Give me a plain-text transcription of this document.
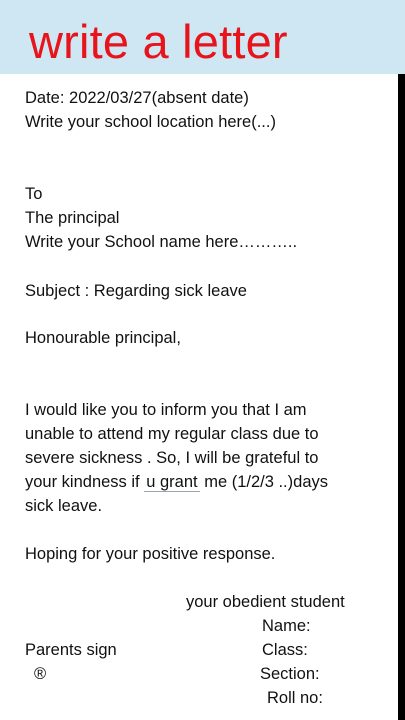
write a letter
Date: 2022/03/27(absent date)
Write your school location here(...)
To
The principal
Write your School name here………..
Subject : Regarding sick leave
Honourable principal,
I would like you to inform you that I am
unable to attend my regular class due to
severe sickness . So, I will be grateful to
your kindness if u grant me (1/2/3 ..)days
sick leave.
Hoping for your positive response.
your obedient student
Name:
Parents sign	Class:
®	Section:
Roll no:
